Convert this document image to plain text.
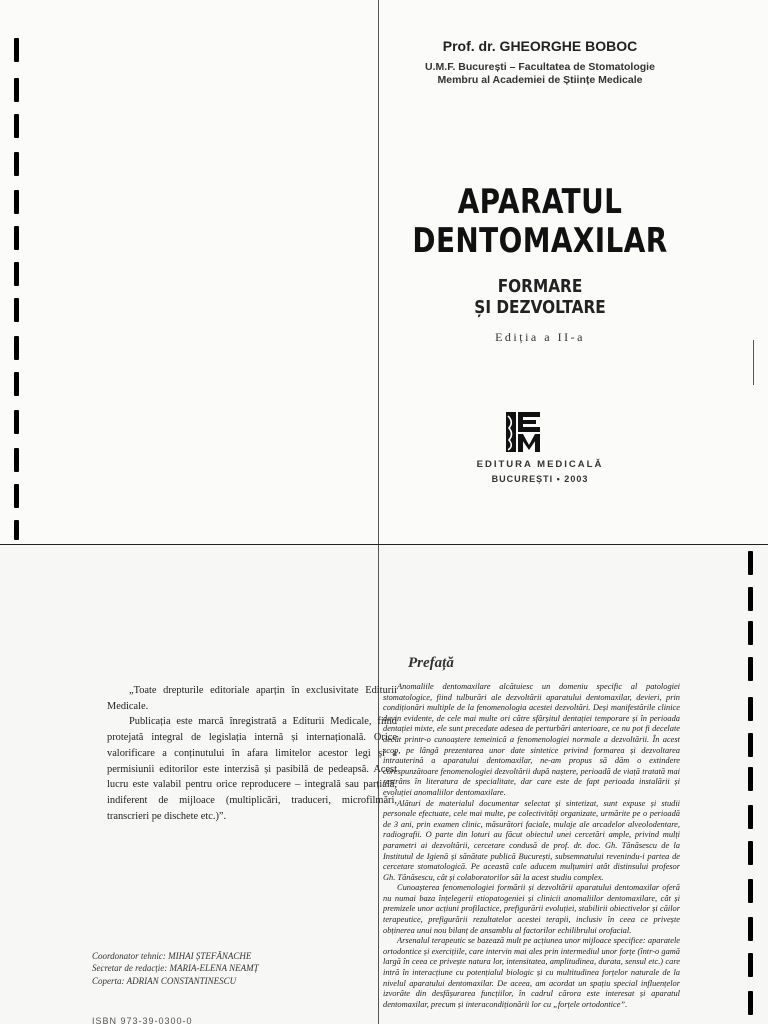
Prof. dr. GHEORGHE BOBOC
U.M.F. București – Facultatea de Stomatologie
Membru al Academiei de Științe Medicale
APARATUL
DENTOMAXILAR
FORMARE
ȘI DEZVOLTARE
Ediția a II-a
EDITURA MEDICALĂ
BUCUREȘTI • 2003

„Toate drepturile editoriale aparțin în exclusivitate Editurii Medicale.

Publicația este marcă înregistrată a Editurii Medicale, fiind protejată integral de legislația internă și internațională. Orice valorificare a conținutului în afara limitelor acestor legi și a permisiunii editorilor este interzisă și pasibilă de pedeapsă. Acest lucru este valabil pentru orice reproducere – integrală sau parțială, indiferent de mijloace (multiplicări, traduceri, microfilmări, transcrieri pe dischete etc.)”.

Coordonator tehnic: MIHAI ȘTEFĂNACHE
Secretar de redacție: MARIA-ELENA NEAMȚ
Coperta: ADRIAN CONSTANTINESCU
ISBN 973-39-0300-0
Prefață

Anomaliile dentomaxilare alcătuiesc un domeniu specific al patologiei stomatologice, fiind tulburări ale dezvoltării aparatului dentomaxilar, devieri, prin condiționări multiple de la fenomenologia acestei dezvoltări. Deși manifestările clinice devin evidente, de cele mai multe ori către sfârșitul dentației temporare și în perioada dentației mixte, ele sunt precedate adesea de perturbări anterioare, ce nu pot fi decelate decât printr-o cunoaștere temeinică a fenomenologiei normale a dezvoltării. În acest scop, pe lângă prezentarea unor date sintetice privind formarea și dezvoltarea intrauterină a aparatului dentomaxilar, ne-am propus să dăm o extindere corespunzătoare fenomenologiei dezvoltării după naștere, perioadă de viață tratată mai restrâns în literatura de specialitate, dar care este de fapt perioada instalării și evoluției anomaliilor dentomaxilare.

Alături de materialul documentar selectat și sintetizat, sunt expuse și studii personale efectuate, cele mai multe, pe colectivități organizate, urmărite pe o perioadă de 3 ani, prin examen clinic, măsurători faciale, mulaje ale arcadelor alveolodentare, radiografii. O parte din loturi au făcut obiectul unei cercetări ample, privind mulți parametri ai dezvoltării, cercetare condusă de prof. dr. doc. Gh. Tănăsescu de la Institutul de Igienă și sănătate publică București, subsemnatului revenindu-i partea de cercetare stomatologică. Pe această cale aducem mulțumiri atât distinsului profesor Gh. Tănăsescu, cât și colaboratorilor săi la acest studiu complex.

Cunoașterea fenomenologiei formării și dezvoltării aparatului dentomaxilar oferă nu numai baza înțelegerii etiopatogeniei și clinicii anomaliilor dentomaxilare, cât și premizele unor acțiuni profilactice, prefigurării evoluției, stabilirii obiectivelor și căilor terapeutice, prefigurării rezultatelor acestei terapii, inclusiv în ceea ce privește obținerea unui nou bilanț de ansamblu al factorilor echilibrului orofacial.

Arsenalul terapeutic se bazează mult pe acțiunea unor mijloace specifice: aparatele ortodontice și exercițiile, care intervin mai ales prin intermediul unor forțe (într-o gamă largă în ceea ce privește natura lor, intensitatea, amplitudinea, durata, sensul etc.) care intră în interacțiune cu potențialul biologic și cu multitudinea forțelor naturale de la nivelul aparatului dentomaxilar. De aceea, am acordat un spațiu special influențelor izvorâte din desfășurarea funcțiilor, în cadrul cărora este interesat și aparatul dentomaxilar, precum și interacondiționării lor cu „forțele ortodontice”.
